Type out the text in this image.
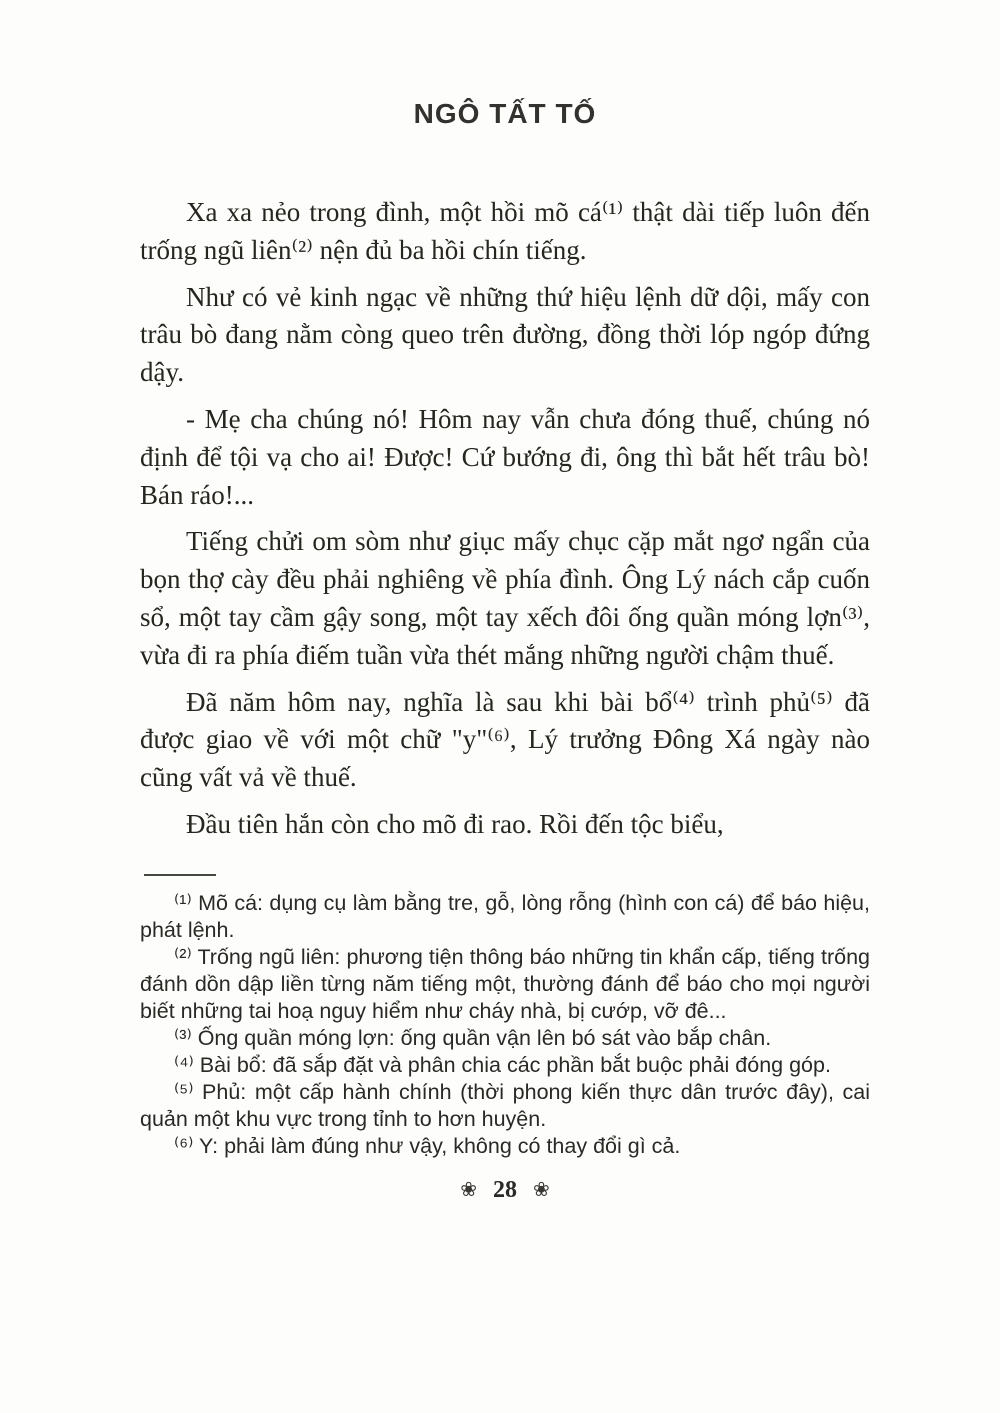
NGÔ TẤT TỐ

Xa xa nẻo trong đình, một hồi mõ cá⁽¹⁾ thật dài tiếp luôn đến trống ngũ liên⁽²⁾ nện đủ ba hồi chín tiếng.

Như có vẻ kinh ngạc về những thứ hiệu lệnh dữ dội, mấy con trâu bò đang nằm còng queo trên đường, đồng thời lóp ngóp đứng dậy.

- Mẹ cha chúng nó! Hôm nay vẫn chưa đóng thuế, chúng nó định để tội vạ cho ai! Được! Cứ bướng đi, ông thì bắt hết trâu bò! Bán ráo!...

Tiếng chửi om sòm như giục mấy chục cặp mắt ngơ ngẩn của bọn thợ cày đều phải nghiêng về phía đình. Ông Lý nách cắp cuốn sổ, một tay cầm gậy song, một tay xếch đôi ống quần móng lợn⁽³⁾, vừa đi ra phía điếm tuần vừa thét mắng những người chậm thuế.

Đã năm hôm nay, nghĩa là sau khi bài bổ⁽⁴⁾ trình phủ⁽⁵⁾ đã được giao về với một chữ "y"⁽⁶⁾, Lý trưởng Đông Xá ngày nào cũng vất vả về thuế.

Đầu tiên hắn còn cho mõ đi rao. Rồi đến tộc biểu,

⁽¹⁾ Mõ cá: dụng cụ làm bằng tre, gỗ, lòng rỗng (hình con cá) để báo hiệu, phát lệnh.

⁽²⁾ Trống ngũ liên: phương tiện thông báo những tin khẩn cấp, tiếng trống đánh dồn dập liền từng năm tiếng một, thường đánh để báo cho mọi người biết những tai hoạ nguy hiểm như cháy nhà, bị cướp, vỡ đê...

⁽³⁾ Ống quần móng lợn: ống quần vận lên bó sát vào bắp chân.

⁽⁴⁾ Bài bổ: đã sắp đặt và phân chia các phần bắt buộc phải đóng góp.

⁽⁵⁾ Phủ: một cấp hành chính (thời phong kiến thực dân trước đây), cai quản một khu vực trong tỉnh to hơn huyện.

⁽⁶⁾ Y: phải làm đúng như vậy, không có thay đổi gì cả.

❀ 28 ❀
